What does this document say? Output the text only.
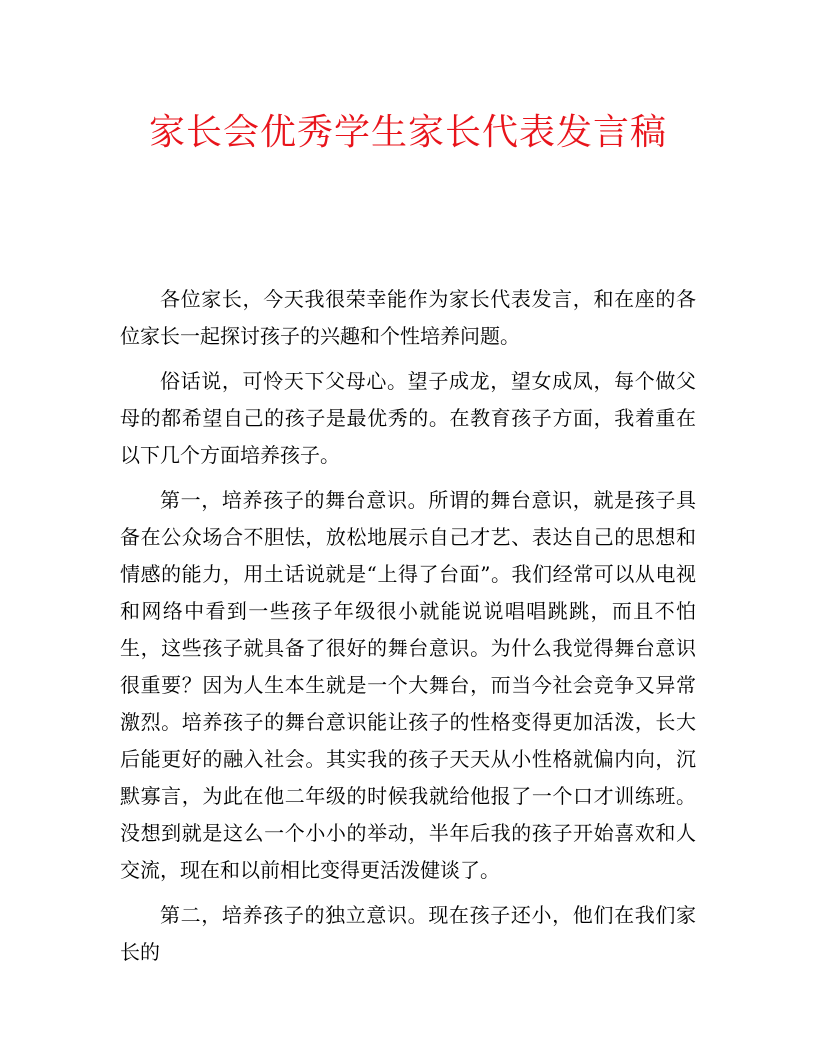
家长会优秀学生家长代表发言稿

各位家长，今天我很荣幸能作为家长代表发言，和在座的各位家长一起探讨孩子的兴趣和个性培养问题。

俗话说，可怜天下父母心。望子成龙，望女成凤，每个做父母的都希望自己的孩子是最优秀的。在教育孩子方面，我着重在以下几个方面培养孩子。

第一，培养孩子的舞台意识。所谓的舞台意识，就是孩子具备在公众场合不胆怯，放松地展示自己才艺、表达自己的思想和情感的能力，用土话说就是“上得了台面”。我们经常可以从电视和网络中看到一些孩子年级很小就能说说唱唱跳跳，而且不怕生，这些孩子就具备了很好的舞台意识。为什么我觉得舞台意识很重要？因为人生本生就是一个大舞台，而当今社会竞争又异常激烈。培养孩子的舞台意识能让孩子的性格变得更加活泼，长大后能更好的融入社会。其实我的孩子天天从小性格就偏内向，沉默寡言，为此在他二年级的时候我就给他报了一个口才训练班。没想到就是这么一个小小的举动，半年后我的孩子开始喜欢和人交流，现在和以前相比变得更活泼健谈了。

第二，培养孩子的独立意识。现在孩子还小，他们在我们家长的
